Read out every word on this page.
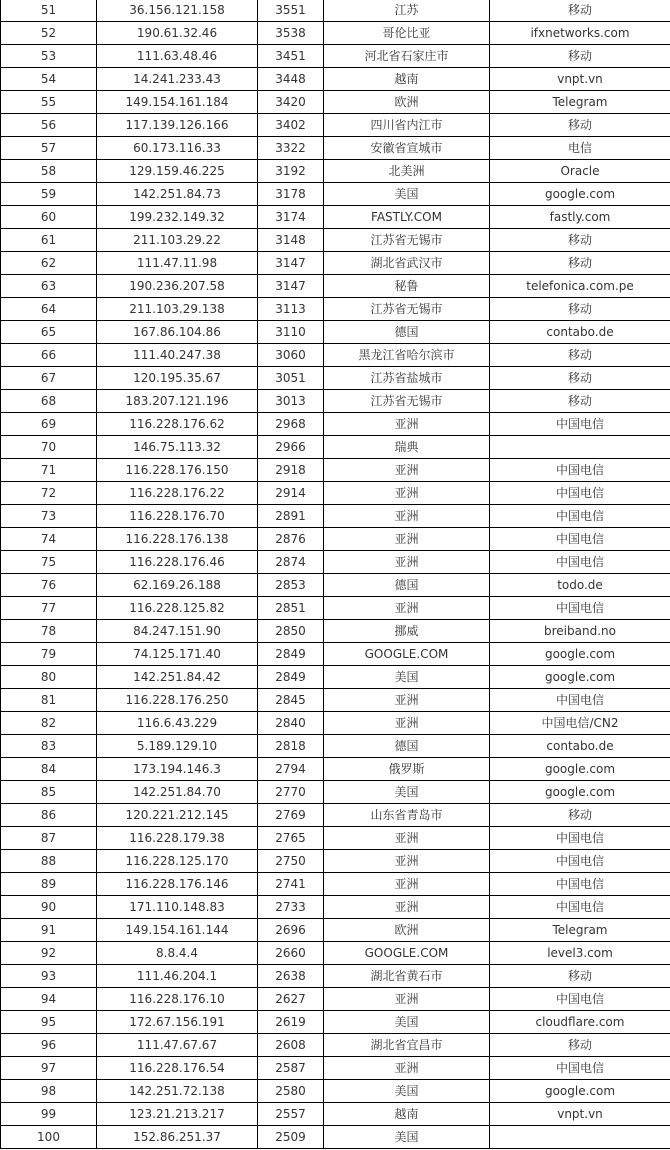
51	36.156.121.158	3551	江苏	移动
52	190.61.32.46	3538	哥伦比亚	ifxnetworks.com
53	111.63.48.46	3451	河北省石家庄市	移动
54	14.241.233.43	3448	越南	vnpt.vn
55	149.154.161.184	3420	欧洲	Telegram
56	117.139.126.166	3402	四川省内江市	移动
57	60.173.116.33	3322	安徽省宣城市	电信
58	129.159.46.225	3192	北美洲	Oracle
59	142.251.84.73	3178	美国	google.com
60	199.232.149.32	3174	FASTLY.COM	fastly.com
61	211.103.29.22	3148	江苏省无锡市	移动
62	111.47.11.98	3147	湖北省武汉市	移动
63	190.236.207.58	3147	秘鲁	telefonica.com.pe
64	211.103.29.138	3113	江苏省无锡市	移动
65	167.86.104.86	3110	德国	contabo.de
66	111.40.247.38	3060	黑龙江省哈尔滨市	移动
67	120.195.35.67	3051	江苏省盐城市	移动
68	183.207.121.196	3013	江苏省无锡市	移动
69	116.228.176.62	2968	亚洲	中国电信
70	146.75.113.32	2966	瑞典	
71	116.228.176.150	2918	亚洲	中国电信
72	116.228.176.22	2914	亚洲	中国电信
73	116.228.176.70	2891	亚洲	中国电信
74	116.228.176.138	2876	亚洲	中国电信
75	116.228.176.46	2874	亚洲	中国电信
76	62.169.26.188	2853	德国	todo.de
77	116.228.125.82	2851	亚洲	中国电信
78	84.247.151.90	2850	挪威	breiband.no
79	74.125.171.40	2849	GOOGLE.COM	google.com
80	142.251.84.42	2849	美国	google.com
81	116.228.176.250	2845	亚洲	中国电信
82	116.6.43.229	2840	亚洲	中国电信/CN2
83	5.189.129.10	2818	德国	contabo.de
84	173.194.146.3	2794	俄罗斯	google.com
85	142.251.84.70	2770	美国	google.com
86	120.221.212.145	2769	山东省青岛市	移动
87	116.228.179.38	2765	亚洲	中国电信
88	116.228.125.170	2750	亚洲	中国电信
89	116.228.176.146	2741	亚洲	中国电信
90	171.110.148.83	2733	亚洲	中国电信
91	149.154.161.144	2696	欧洲	Telegram
92	8.8.4.4	2660	GOOGLE.COM	level3.com
93	111.46.204.1	2638	湖北省黄石市	移动
94	116.228.176.10	2627	亚洲	中国电信
95	172.67.156.191	2619	美国	cloudflare.com
96	111.47.67.67	2608	湖北省宜昌市	移动
97	116.228.176.54	2587	亚洲	中国电信
98	142.251.72.138	2580	美国	google.com
99	123.21.213.217	2557	越南	vnpt.vn
100	152.86.251.37	2509	美国	
